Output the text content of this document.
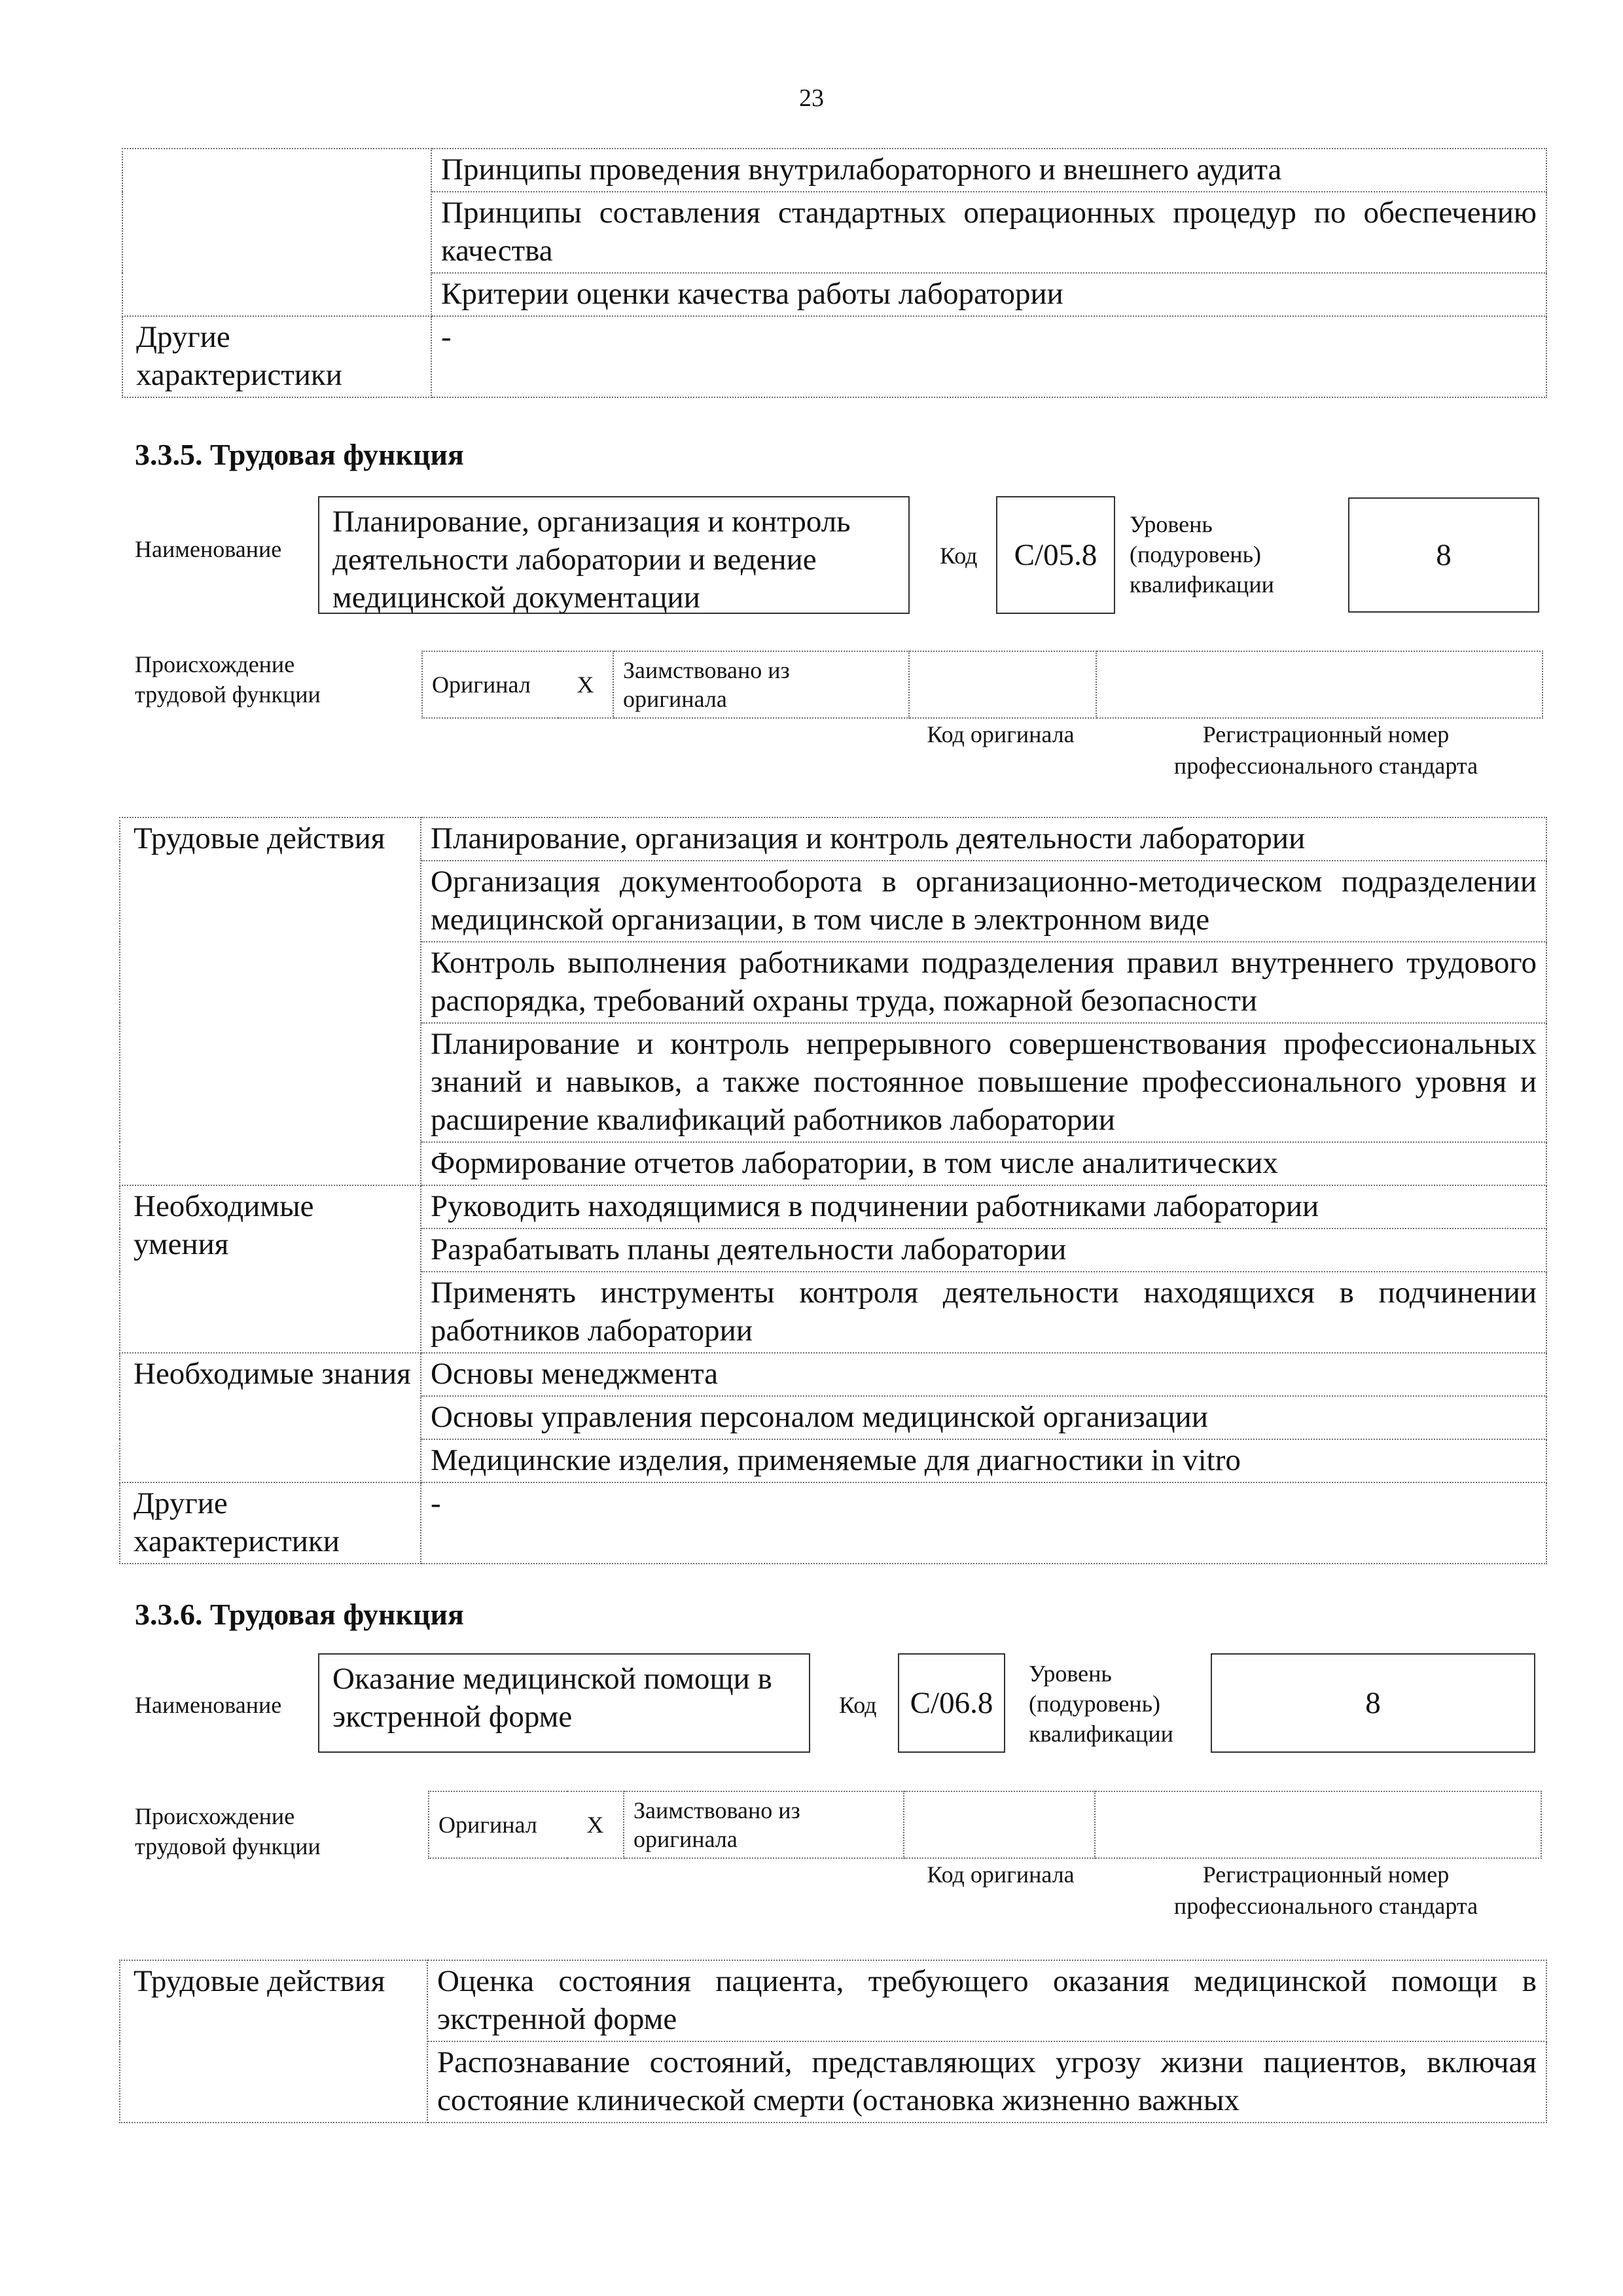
23
	Принципы проведения внутрилабораторного и внешнего аудита
	Принципы составления стандартных операционных процедур по обеспечению качества
	Критерии оценки качества работы лаборатории
Другие характеристики	-
3.3.5. Трудовая функция
Наименование
Планирование, организация и контроль деятельности лаборатории и ведение медицинской документации
Код С/05.8
Уровень (подуровень) квалификации
8
Происхождение трудовой функции	Оригинал	X	Заимствовано из оригинала		
Код оригинала	Регистрационный номер профессионального стандарта
Трудовые действия	Планирование, организация и контроль деятельности лаборатории
	Организация документооборота в организационно-методическом подразделении медицинской организации, в том числе в электронном виде
	Контроль выполнения работниками подразделения правил внутреннего трудового распорядка, требований охраны труда, пожарной безопасности
	Планирование и контроль непрерывного совершенствования профессиональных знаний и навыков, а также постоянное повышение профессионального уровня и расширение квалификаций работников лаборатории
	Формирование отчетов лаборатории, в том числе аналитических
Необходимые умения	Руководить находящимися в подчинении работниками лаборатории
	Разрабатывать планы деятельности лаборатории
	Применять инструменты контроля деятельности находящихся в подчинении работников лаборатории
Необходимые знания	Основы менеджмента
	Основы управления персоналом медицинской организации
	Медицинские изделия, применяемые для диагностики in vitro
Другие характеристики	-
3.3.6. Трудовая функция
Наименование
Оказание медицинской помощи в экстренной форме	Код С/06.8
Уровень (подуровень) квалификации
8
Происхождение трудовой функции
Оригинал	X	Заимствовано из оригинала		
Код оригинала	Регистрационный номер профессионального стандарта
Трудовые действия	Оценка состояния пациента, требующего оказания медицинской помощи в экстренной форме
Распознавание состояний, представляющих угрозу жизни пациентов, включая состояние клинической смерти (остановка жизненно важных
